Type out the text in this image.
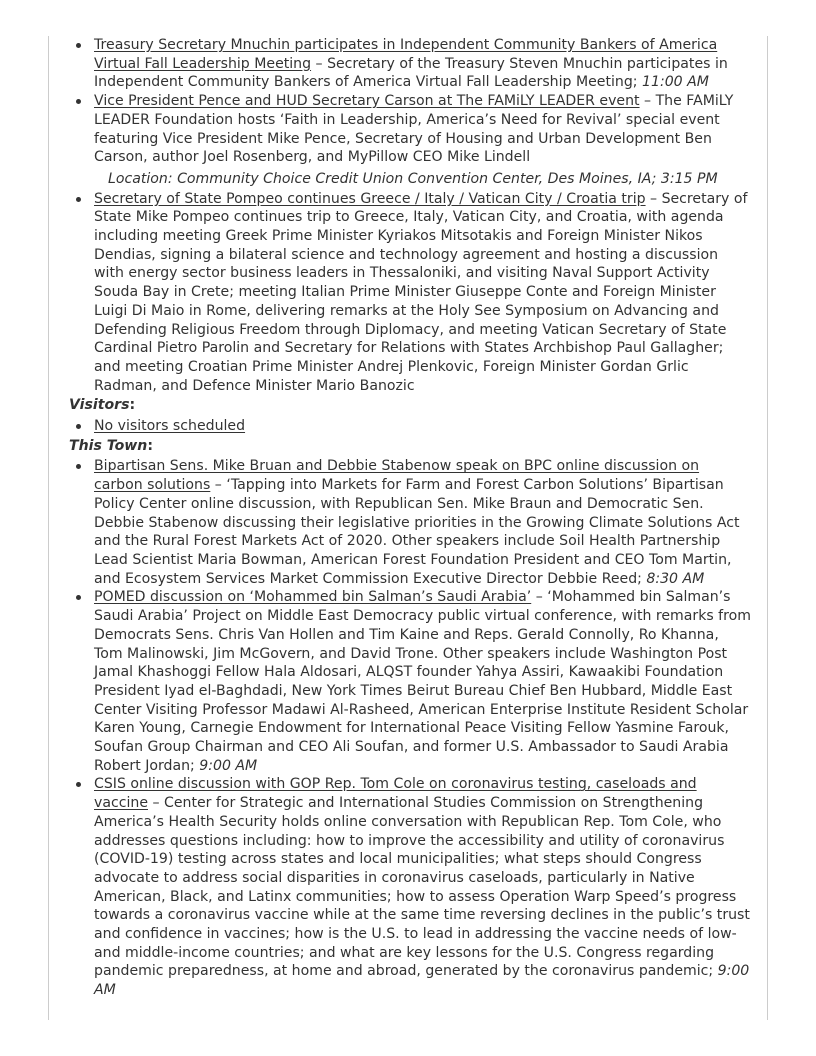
Treasury Secretary Mnuchin participates in Independent Community Bankers of America Virtual Fall Leadership Meeting – Secretary of the Treasury Steven Mnuchin participates in Independent Community Bankers of America Virtual Fall Leadership Meeting; 11:00 AM
Vice President Pence and HUD Secretary Carson at The FAMiLY LEADER event – The FAMiLY LEADER Foundation hosts ‘Faith in Leadership, America’s Need for Revival’ special event featuring Vice President Mike Pence, Secretary of Housing and Urban Development Ben Carson, author Joel Rosenberg, and MyPillow CEO Mike Lindell
Location: Community Choice Credit Union Convention Center, Des Moines, IA; 3:15 PM
Secretary of State Pompeo continues Greece / Italy / Vatican City / Croatia trip – Secretary of State Mike Pompeo continues trip to Greece, Italy, Vatican City, and Croatia, with agenda including meeting Greek Prime Minister Kyriakos Mitsotakis and Foreign Minister Nikos Dendias, signing a bilateral science and technology agreement and hosting a discussion with energy sector business leaders in Thessaloniki, and visiting Naval Support Activity Souda Bay in Crete; meeting Italian Prime Minister Giuseppe Conte and Foreign Minister Luigi Di Maio in Rome, delivering remarks at the Holy See Symposium on Advancing and Defending Religious Freedom through Diplomacy, and meeting Vatican Secretary of State Cardinal Pietro Parolin and Secretary for Relations with States Archbishop Paul Gallagher; and meeting Croatian Prime Minister Andrej Plenkovic, Foreign Minister Gordan Grlic Radman, and Defence Minister Mario Banozic
Visitors:
No visitors scheduled
This Town:
Bipartisan Sens. Mike Bruan and Debbie Stabenow speak on BPC online discussion on carbon solutions – ‘Tapping into Markets for Farm and Forest Carbon Solutions’ Bipartisan Policy Center online discussion, with Republican Sen. Mike Braun and Democratic Sen. Debbie Stabenow discussing their legislative priorities in the Growing Climate Solutions Act and the Rural Forest Markets Act of 2020. Other speakers include Soil Health Partnership Lead Scientist Maria Bowman, American Forest Foundation President and CEO Tom Martin, and Ecosystem Services Market Commission Executive Director Debbie Reed; 8:30 AM
POMED discussion on ‘Mohammed bin Salman’s Saudi Arabia’ – ‘Mohammed bin Salman’s Saudi Arabia’ Project on Middle East Democracy public virtual conference, with remarks from Democrats Sens. Chris Van Hollen and Tim Kaine and Reps. Gerald Connolly, Ro Khanna, Tom Malinowski, Jim McGovern, and David Trone. Other speakers include Washington Post Jamal Khashoggi Fellow Hala Aldosari, ALQST founder Yahya Assiri, Kawaakibi Foundation President Iyad el-Baghdadi, New York Times Beirut Bureau Chief Ben Hubbard, Middle East Center Visiting Professor Madawi Al-Rasheed, American Enterprise Institute Resident Scholar Karen Young, Carnegie Endowment for International Peace Visiting Fellow Yasmine Farouk, Soufan Group Chairman and CEO Ali Soufan, and former U.S. Ambassador to Saudi Arabia Robert Jordan; 9:00 AM
CSIS online discussion with GOP Rep. Tom Cole on coronavirus testing, caseloads and vaccine – Center for Strategic and International Studies Commission on Strengthening America’s Health Security holds online conversation with Republican Rep. Tom Cole, who addresses questions including: how to improve the accessibility and utility of coronavirus (COVID-19) testing across states and local municipalities; what steps should Congress advocate to address social disparities in coronavirus caseloads, particularly in Native American, Black, and Latinx communities; how to assess Operation Warp Speed’s progress towards a coronavirus vaccine while at the same time reversing declines in the public’s trust and confidence in vaccines; how is the U.S. to lead in addressing the vaccine needs of low- and middle-income countries; and what are key lessons for the U.S. Congress regarding pandemic preparedness, at home and abroad, generated by the coronavirus pandemic; 9:00 AM
